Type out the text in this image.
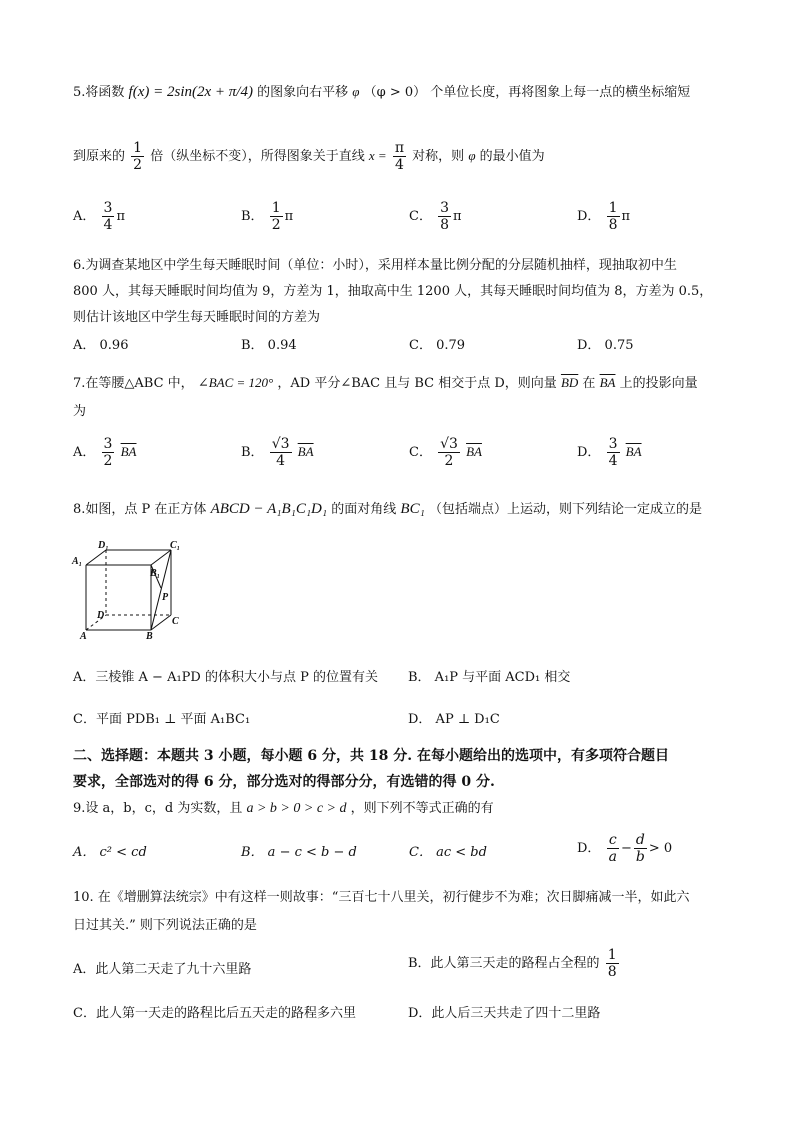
5.将函数 f(x) = 2sin(2x + π/4) 的图象向右平移 φ （φ > 0） 个单位长度，再将图象上每一点的横坐标缩短
到原来的 $\frac{1}{2}$ 倍（纵坐标不变），所得图象关于直线 $x = \frac{\pi}{4}$ 对称，则 φ 的最小值为
A． $\frac{3}{4}$ π	B． $\frac{1}{2}$ π	C． $\frac{3}{8}$ π	D． $\frac{1}{8}$ π
6.为调查某地区中学生每天睡眠时间（单位：小时），采用样本量比例分配的分层随机抽样，现抽取初中生
800 人，其每天睡眠时间均值为 9，方差为 1，抽取高中生 1200 人，其每天睡眠时间均值为 8，方差为 0.5，
则估计该地区中学生每天睡眠时间的方差为
A． 0.96	B． 0.94	C． 0.79	D． 0.75
7.在等腰△ABC 中， ∠BAC = 120° ，AD 平分∠BAC 且与 BC 相交于点 D，则向量 $\overline{BD}$ 在 $\overline{BA}$ 上的投影向量
为
A． $\frac{3}{2} \overline{BA}$	B． $\frac{√3}{4} \overline{BA}$	C． $\frac{√3}{2} \overline{BA}$	D． $\frac{3}{4} \overline{BA}$
8.如图，点 P 在正方体 ABCD − A₁B₁C₁D₁ 的面对角线 BC₁ （包括端点）上运动，则下列结论一定成立的是
D₁	C₁
A₁
B₁
P
D
C
A	B
A．三棱锥 A − A₁PD 的体积大小与点 P 的位置有关 B． A₁P 与平面 ACD₁ 相交
C．平面 PDB₁ ⊥ 平面 A₁BC₁	D． AP ⊥ D₁C
二、选择题：本题共 3 小题，每小题 6 分，共 18 分. 在每小题给出的选项中，有多项符合题目
要求，全部选对的得 6 分，部分选对的得部分分，有选错的得 0 分.
9.设 a，b，c，d 为实数，且 a > b > 0 > c > d ，则下列不等式正确的有
A． c² < cd	B． a − c < b − d	C． ac < bd	D． $\frac{c}{a} - \frac{d}{b} > 0$
10. 在《增删算法统宗》中有这样一则故事：“三百七十八里关，初行健步不为难；次日脚痛减一半，如此六
日过其关.” 则下列说法正确的是
A．此人第二天走了九十六里路	B．此人第三天走的路程占全程的 $\frac{1}{8}$
C．此人第一天走的路程比后五天走的路程多六里	D．此人后三天共走了四十二里路
